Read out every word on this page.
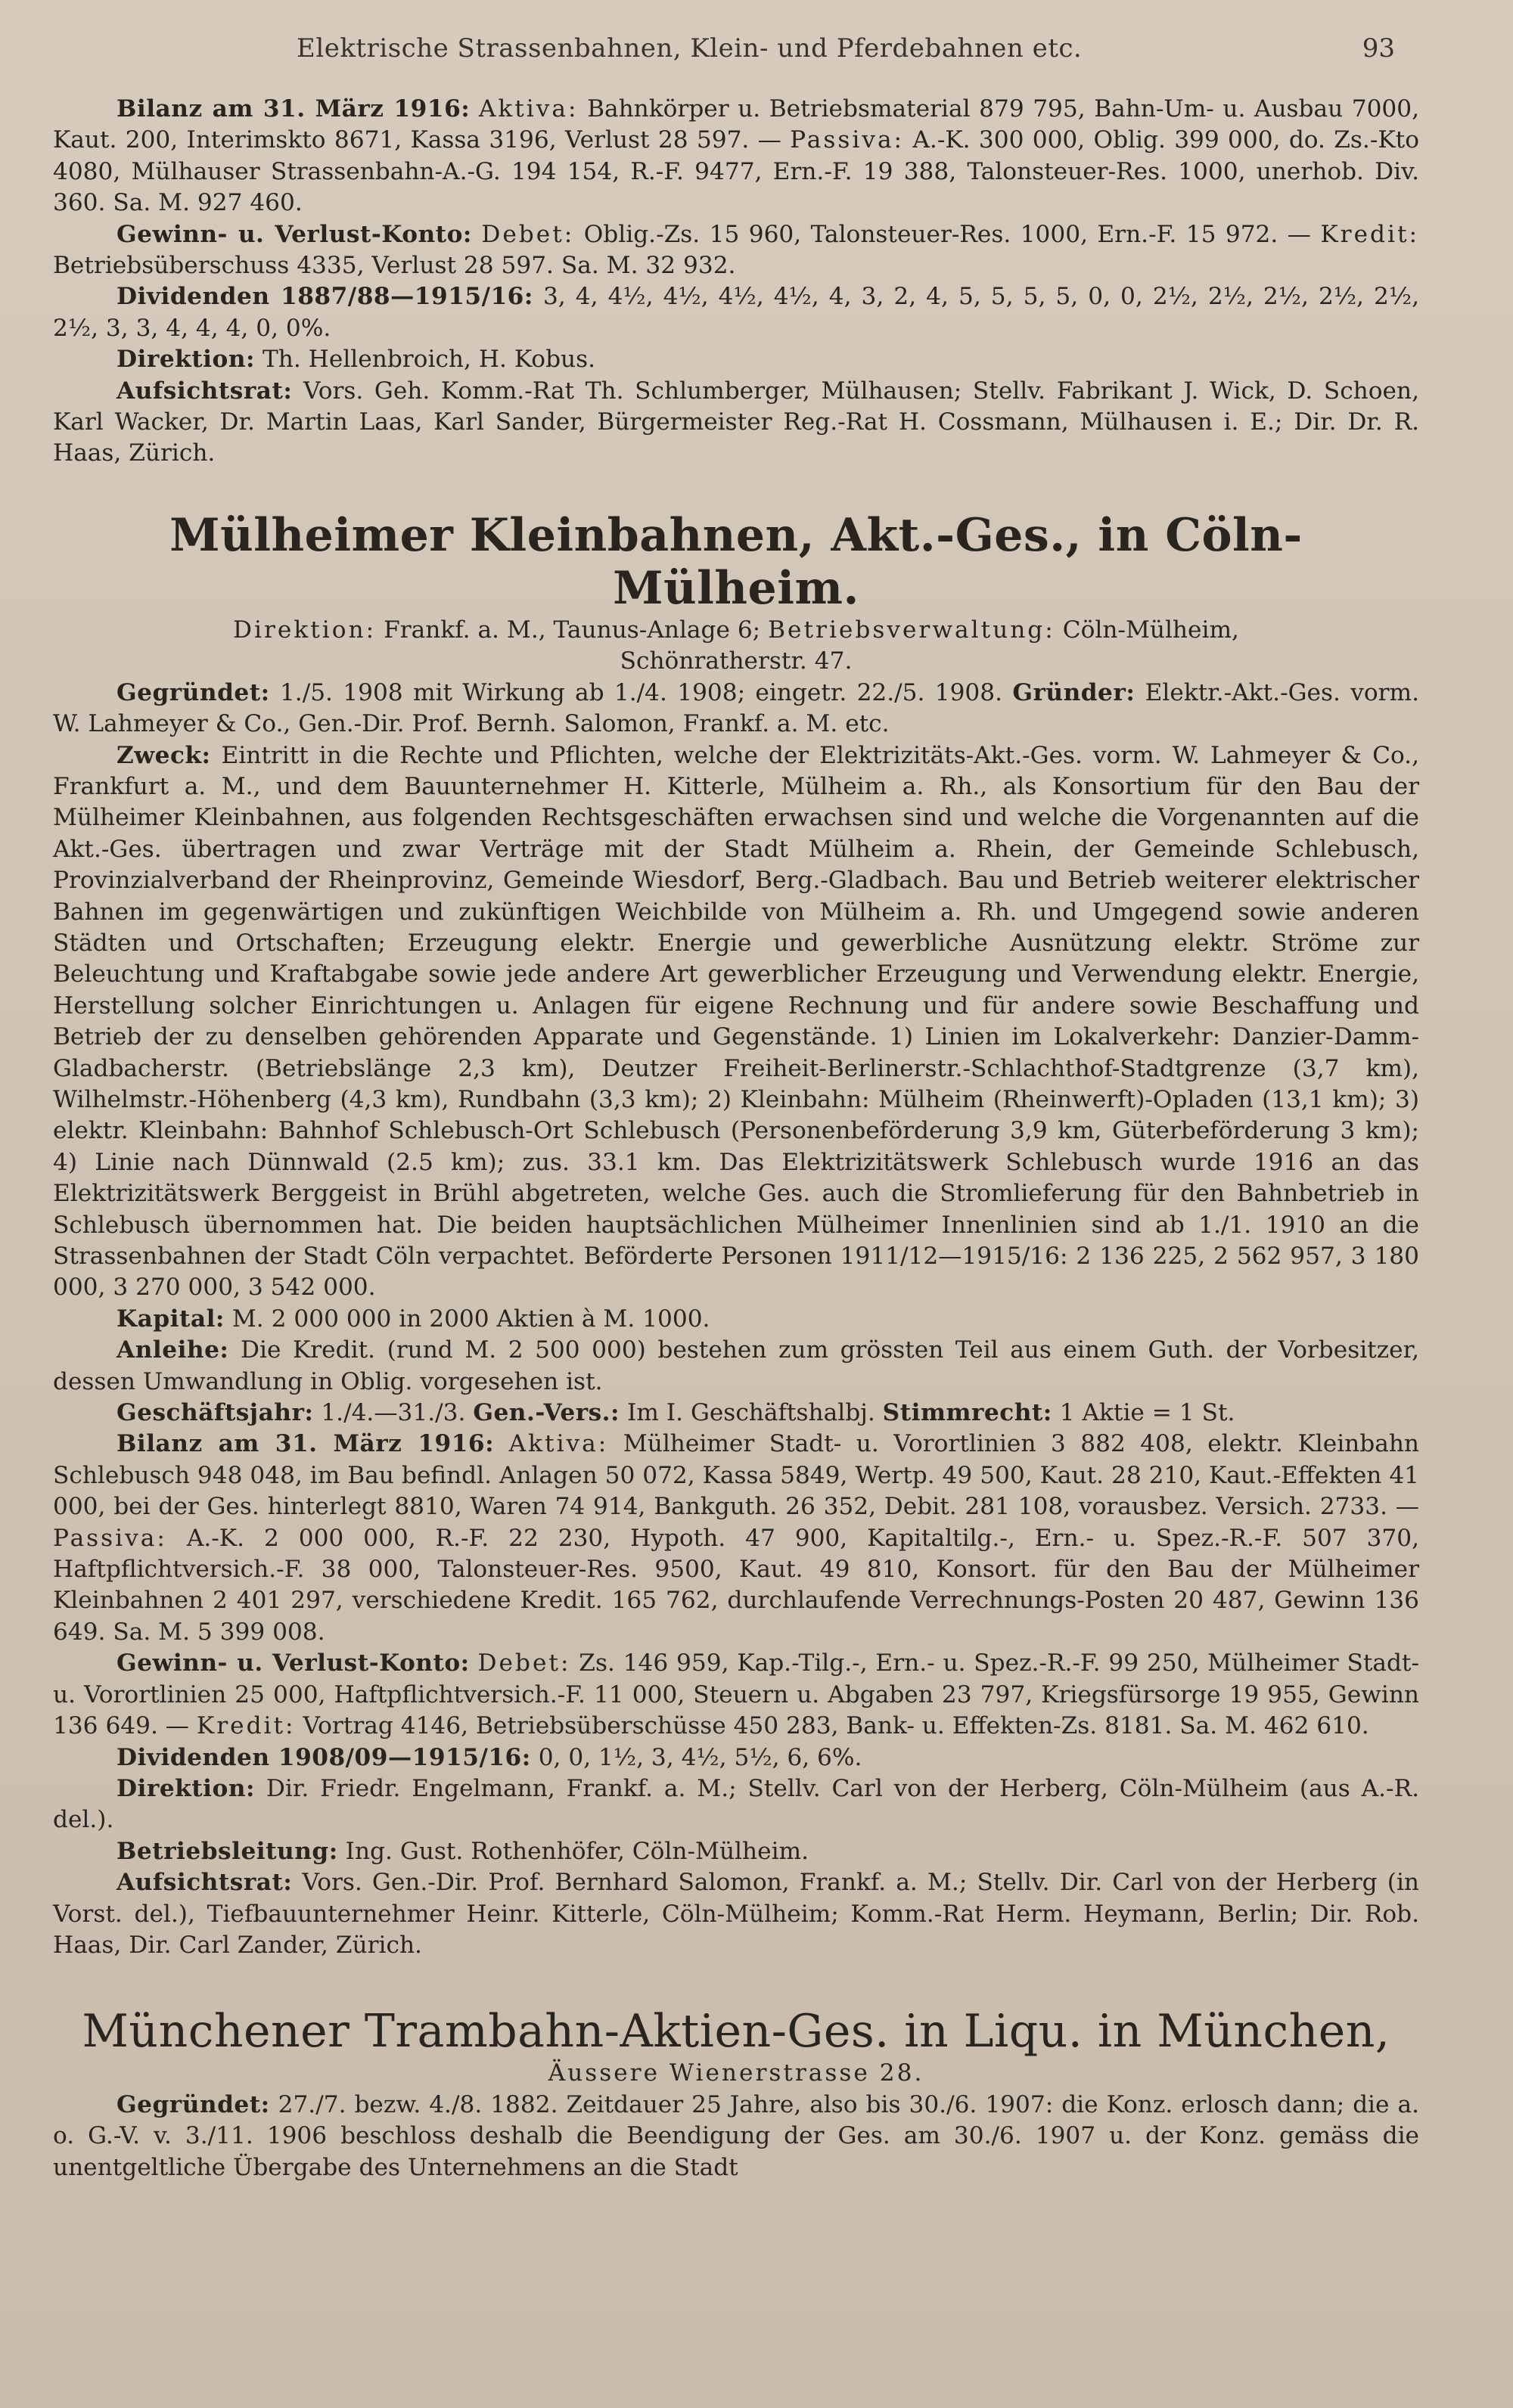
Elektrische Strassenbahnen, Klein- und Pferdebahnen etc.	93

Bilanz am 31. März 1916: Aktiva: Bahnkörper u. Betriebsmaterial 879 795, Bahn-Um- u. Ausbau 7000, Kaut. 200, Interimskto 8671, Kassa 3196, Verlust 28 597. — Passiva: A.-K. 300 000, Oblig. 399 000, do. Zs.-Kto 4080, Mülhauser Strassenbahn-A.-G. 194 154, R.-F. 9477, Ern.-F. 19 388, Talonsteuer-Res. 1000, unerhob. Div. 360. Sa. M. 927 460.

Gewinn- u. Verlust-Konto: Debet: Oblig.-Zs. 15 960, Talonsteuer-Res. 1000, Ern.-F. 15 972. — Kredit: Betriebsüberschuss 4335, Verlust 28 597. Sa. M. 32 932.

Dividenden 1887/88—1915/16: 3, 4, 4½, 4½, 4½, 4½, 4, 3, 2, 4, 5, 5, 5, 5, 0, 0, 2½, 2½, 2½, 2½, 2½, 2½, 3, 3, 4, 4, 4, 0, 0%.

Direktion: Th. Hellenbroich, H. Kobus.

Aufsichtsrat: Vors. Geh. Komm.-Rat Th. Schlumberger, Mülhausen; Stellv. Fabrikant J. Wick, D. Schoen, Karl Wacker, Dr. Martin Laas, Karl Sander, Bürgermeister Reg.-Rat H. Cossmann, Mülhausen i. E.; Dir. Dr. R. Haas, Zürich.

Mülheimer Kleinbahnen, Akt.-Ges., in Cöln-Mülheim.

Direktion: Frankf. a. M., Taunus-Anlage 6; Betriebsverwaltung: Cöln-Mülheim,

Schönratherstr. 47.

Gegründet: 1./5. 1908 mit Wirkung ab 1./4. 1908; eingetr. 22./5. 1908. Gründer: Elektr.-Akt.-Ges. vorm. W. Lahmeyer & Co., Gen.-Dir. Prof. Bernh. Salomon, Frankf. a. M. etc.

Zweck: Eintritt in die Rechte und Pflichten, welche der Elektrizitäts-Akt.-Ges. vorm. W. Lahmeyer & Co., Frankfurt a. M., und dem Bauunternehmer H. Kitterle, Mülheim a. Rh., als Konsortium für den Bau der Mülheimer Kleinbahnen, aus folgenden Rechtsgeschäften erwachsen sind und welche die Vorgenannten auf die Akt.-Ges. übertragen und zwar Verträge mit der Stadt Mülheim a. Rhein, der Gemeinde Schlebusch, Provinzialverband der Rheinprovinz, Gemeinde Wiesdorf, Berg.-Gladbach. Bau und Betrieb weiterer elektrischer Bahnen im gegenwärtigen und zukünftigen Weichbilde von Mülheim a. Rh. und Umgegend sowie anderen Städten und Ortschaften; Erzeugung elektr. Energie und gewerbliche Ausnützung elektr. Ströme zur Beleuchtung und Kraftabgabe sowie jede andere Art gewerblicher Erzeugung und Verwendung elektr. Energie, Herstellung solcher Einrichtungen u. Anlagen für eigene Rechnung und für andere sowie Beschaffung und Betrieb der zu denselben gehörenden Apparate und Gegenstände. 1) Linien im Lokalverkehr: Danzier-Damm-Gladbacherstr. (Betriebslänge 2,3 km), Deutzer Freiheit-Berlinerstr.-Schlachthof-Stadtgrenze (3,7 km), Wilhelmstr.-Höhenberg (4,3 km), Rundbahn (3,3 km); 2) Kleinbahn: Mülheim (Rheinwerft)-Opladen (13,1 km); 3) elektr. Kleinbahn: Bahnhof Schlebusch-Ort Schlebusch (Personenbeförderung 3,9 km, Güterbeförderung 3 km); 4) Linie nach Dünnwald (2.5 km); zus. 33.1 km. Das Elektrizitätswerk Schlebusch wurde 1916 an das Elektrizitätswerk Berggeist in Brühl abgetreten, welche Ges. auch die Stromlieferung für den Bahnbetrieb in Schlebusch übernommen hat. Die beiden hauptsächlichen Mülheimer Innenlinien sind ab 1./1. 1910 an die Strassenbahnen der Stadt Cöln verpachtet. Beförderte Personen 1911/12—1915/16: 2 136 225, 2 562 957, 3 180 000, 3 270 000, 3 542 000.

Kapital: M. 2 000 000 in 2000 Aktien à M. 1000.

Anleihe: Die Kredit. (rund M. 2 500 000) bestehen zum grössten Teil aus einem Guth. der Vorbesitzer, dessen Umwandlung in Oblig. vorgesehen ist.

Geschäftsjahr: 1./4.—31./3. Gen.-Vers.: Im I. Geschäftshalbj. Stimmrecht: 1 Aktie = 1 St.

Bilanz am 31. März 1916: Aktiva: Mülheimer Stadt- u. Vorortlinien 3 882 408, elektr. Kleinbahn Schlebusch 948 048, im Bau befindl. Anlagen 50 072, Kassa 5849, Wertp. 49 500, Kaut. 28 210, Kaut.-Effekten 41 000, bei der Ges. hinterlegt 8810, Waren 74 914, Bankguth. 26 352, Debit. 281 108, vorausbez. Versich. 2733. — Passiva: A.-K. 2 000 000, R.-F. 22 230, Hypoth. 47 900, Kapitaltilg.-, Ern.- u. Spez.-R.-F. 507 370, Haftpflichtversich.-F. 38 000, Talonsteuer-Res. 9500, Kaut. 49 810, Konsort. für den Bau der Mülheimer Kleinbahnen 2 401 297, verschiedene Kredit. 165 762, durchlaufende Verrechnungs-Posten 20 487, Gewinn 136 649. Sa. M. 5 399 008.

Gewinn- u. Verlust-Konto: Debet: Zs. 146 959, Kap.-Tilg.-, Ern.- u. Spez.-R.-F. 99 250, Mülheimer Stadt- u. Vorortlinien 25 000, Haftpflichtversich.-F. 11 000, Steuern u. Abgaben 23 797, Kriegsfürsorge 19 955, Gewinn 136 649. — Kredit: Vortrag 4146, Betriebsüberschüsse 450 283, Bank- u. Effekten-Zs. 8181. Sa. M. 462 610.

Dividenden 1908/09—1915/16: 0, 0, 1½, 3, 4½, 5½, 6, 6%.

Direktion: Dir. Friedr. Engelmann, Frankf. a. M.; Stellv. Carl von der Herberg, Cöln-Mülheim (aus A.-R. del.).

Betriebsleitung: Ing. Gust. Rothenhöfer, Cöln-Mülheim.

Aufsichtsrat: Vors. Gen.-Dir. Prof. Bernhard Salomon, Frankf. a. M.; Stellv. Dir. Carl von der Herberg (in Vorst. del.), Tiefbauunternehmer Heinr. Kitterle, Cöln-Mülheim; Komm.-Rat Herm. Heymann, Berlin; Dir. Rob. Haas, Dir. Carl Zander, Zürich.

Münchener Trambahn-Aktien-Ges. in Liqu. in München,

Äussere Wienerstrasse 28.

Gegründet: 27./7. bezw. 4./8. 1882. Zeitdauer 25 Jahre, also bis 30./6. 1907: die Konz. erlosch dann; die a. o. G.-V. v. 3./11. 1906 beschloss deshalb die Beendigung der Ges. am 30./6. 1907 u. der Konz. gemäss die unentgeltliche Übergabe des Unternehmens an die Stadt
